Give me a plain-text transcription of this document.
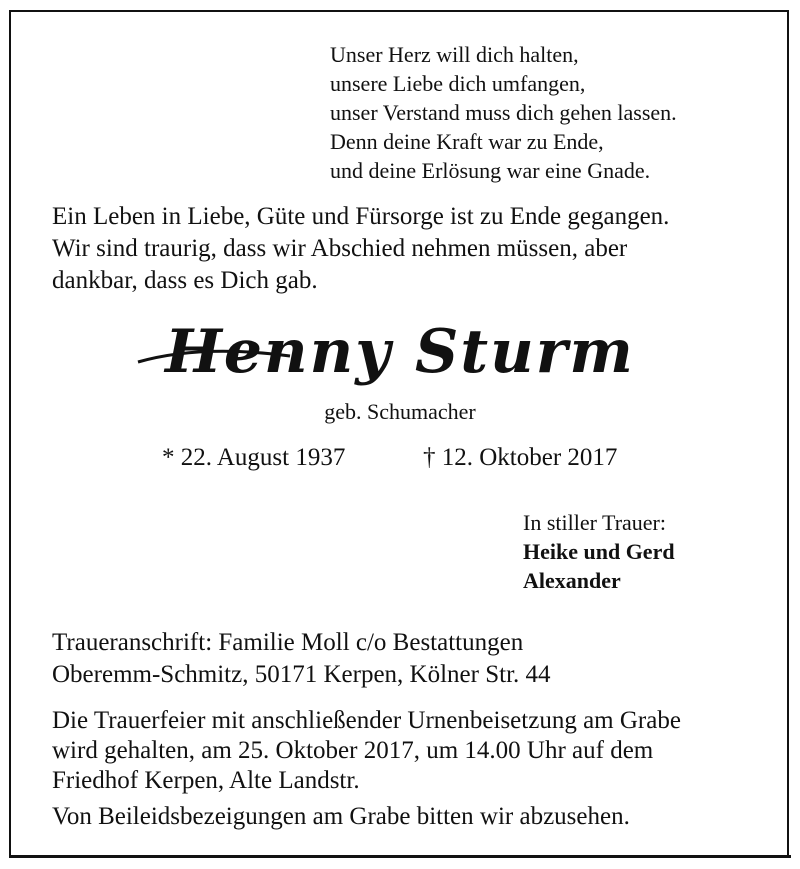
Unser Herz will dich halten,
unsere Liebe dich umfangen,
unser Verstand muss dich gehen lassen.
Denn deine Kraft war zu Ende,
und deine Erlösung war eine Gnade.
Ein Leben in Liebe, Güte und Fürsorge ist zu Ende gegangen.
Wir sind traurig, dass wir Abschied nehmen müssen, aber
dankbar, dass es Dich gab.
Henny Sturm
geb. Schumacher
* 22. August 1937	† 12. Oktober 2017
In stiller Trauer:
Heike und Gerd
Alexander
Traueranschrift: Familie Moll c/o Bestattungen
Oberemm-Schmitz, 50171 Kerpen, Kölner Str. 44
Die Trauerfeier mit anschließender Urnenbeisetzung am Grabe
wird gehalten, am 25. Oktober 2017, um 14.00 Uhr auf dem
Friedhof Kerpen, Alte Landstr.
Von Beileidsbezeigungen am Grabe bitten wir abzusehen.
